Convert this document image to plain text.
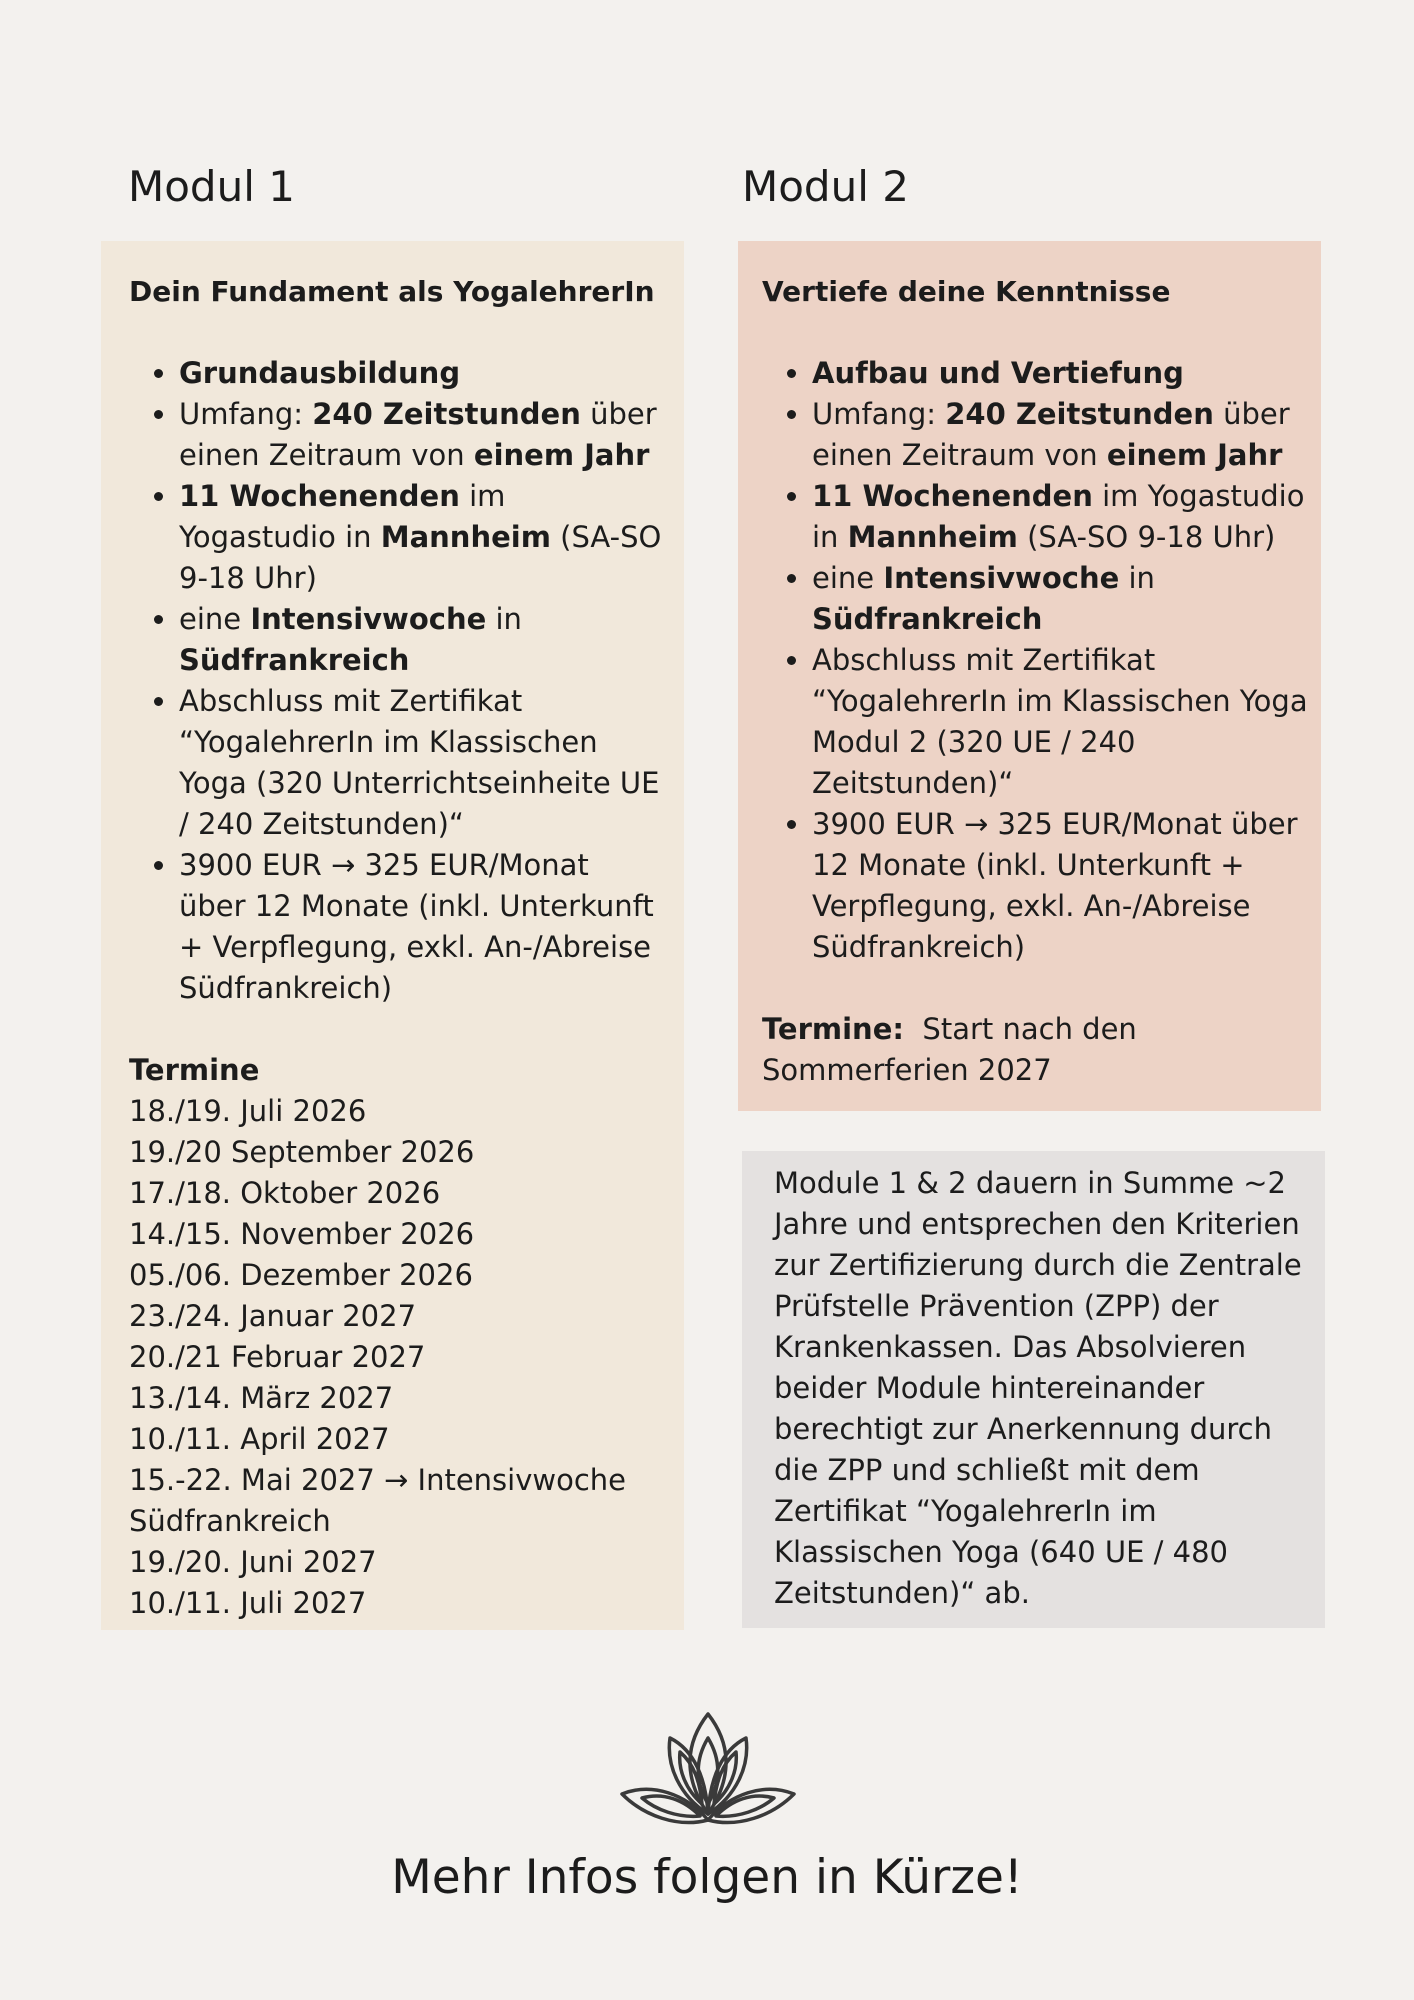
Modul 1	Modul 2

Dein Fundament als YogalehrerIn

• Grundausbildung
• Umfang: 240 Zeitstunden über einen Zeitraum von einem Jahr
• 11 Wochenenden im Yogastudio in Mannheim (SA-SO 9-18 Uhr)
• eine Intensivwoche in Südfrankreich
• Abschluss mit Zertifikat “YogalehrerIn im Klassischen Yoga (320 Unterrichtseinheite UE / 240 Zeitstunden)“
• 3900 EUR → 325 EUR/Monat über 12 Monate (inkl. Unterkunft + Verpflegung, exkl. An-/Abreise Südfrankreich)
Termine
18./19. Juli 2026
19./20 September 2026
17./18. Oktober 2026
14./15. November 2026
05./06. Dezember 2026
23./24. Januar 2027
20./21 Februar 2027
13./14. März 2027
10./11. April 2027
15.-22. Mai 2027 → Intensivwoche Südfrankreich
19./20. Juni 2027
10./11. Juli 2027

Vertiefe deine Kenntnisse

• Aufbau und Vertiefung
• Umfang: 240 Zeitstunden über einen Zeitraum von einem Jahr
• 11 Wochenenden im Yogastudio in Mannheim (SA-SO 9-18 Uhr)
• eine Intensivwoche in Südfrankreich
• Abschluss mit Zertifikat “YogalehrerIn im Klassischen Yoga Modul 2 (320 UE / 240 Zeitstunden)“
• 3900 EUR → 325 EUR/Monat über 12 Monate (inkl. Unterkunft + Verpflegung, exkl. An-/Abreise Südfrankreich)
Termine:  Start nach den Sommerferien 2027

Module 1 & 2 dauern in Summe ~2 Jahre und entsprechen den Kriterien zur Zertifizierung durch die Zentrale Prüfstelle Prävention (ZPP) der Krankenkassen. Das Absolvieren beider Module hintereinander berechtigt zur Anerkennung durch die ZPP und schließt mit dem Zertifikat “YogalehrerIn im Klassischen Yoga (640 UE / 480 Zeitstunden)“ ab.

Mehr Infos folgen in Kürze!
